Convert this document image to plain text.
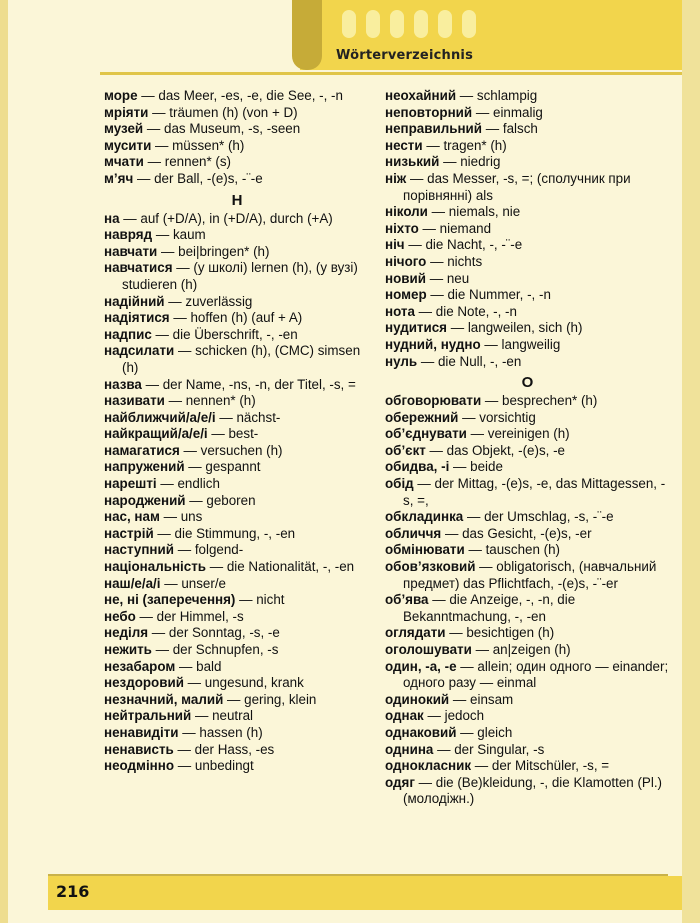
Wörterverzeichnis

море — das Meer, -es, -e, die See, -, -n

мріяти — träumen (h) (von + D)

музей — das Museum, -s, -seen

мусити — müssen* (h)

мчати — rennen* (s)

м’яч — der Ball, -(e)s, -¨-e

Н

на — auf (+D/A), in (+D/A), durch (+A)

навряд — kaum

навчати — bei|bringen* (h)

навчатися — (у школі) lernen (h), (у вузі) studieren (h)

надійний — zuverlässig

надіятися — hoffen (h) (auf + A)

надпис — die Überschrift, -, -en

надсилати — schicken (h), (СМС) simsen (h)

назва — der Name, -ns, -n, der Titel, -s, =

називати — nennen* (h)

найближчий/а/е/і — nächst-

найкращий/а/е/і — best-

намагатися — versuchen (h)

напружений — gespannt

нарешті — endlich

народжений — geboren

нас, нам — uns

настрій — die Stimmung, -, -en

наступний — folgend-

національність — die Nationalität, -, -en

наш/е/а/і — unser/e

не, ні (заперечення) — nicht

небо — der Himmel, -s

неділя — der Sonntag, -s, -e

нежить — der Schnupfen, -s

незабаром — bald

нездоровий — ungesund, krank

незначний, малий — gering, klein

нейтральний — neutral

ненавидіти — hassen (h)

ненависть — der Hass, -es

неодмінно — unbedingt

неохайний — schlampig

неповторний — einmalig

неправильний — falsch

нести — tragen* (h)

низький — niedrig

ніж — das Messer, -s, =; (сполучник при порівнянні) als

ніколи — niemals, nie

ніхто — niemand

ніч — die Nacht, -, -¨-e

нічого — nichts

новий — neu

номер — die Nummer, -, -n

нота — die Note, -, -n

нудитися — langweilen, sich (h)

нудний, нудно — langweilig

нуль — die Null, -, -en

О

обговорювати — besprechen* (h)

обережний — vorsichtig

об’єднувати — vereinigen (h)

об’єкт — das Objekt, -(e)s, -e

обидва, -і — beide

обід — der Mittag, -(e)s, -e, das Mittagessen, -s, =,

обкладинка — der Umschlag, -s, -¨-e

обличчя — das Gesicht, -(e)s, -er

обмінювати — tauschen (h)

обов’язковий — obligatorisch, (навчальний предмет) das Pflichtfach, -(e)s, -¨-er

об’ява — die Anzeige, -, -n, die Bekanntmachung, -, -en

оглядати — besichtigen (h)

оголошувати — an|zeigen (h)

один, -а, -е — allein; один одного — einander; одного разу — einmal

одинокий — einsam

однак — jedoch

однаковий — gleich

однина — der Singular, -s

однокласник — der Mitschüler, -s, =

одяг — die (Be)kleidung, -, die Klamotten (Pl.) (молодіжн.)

216
